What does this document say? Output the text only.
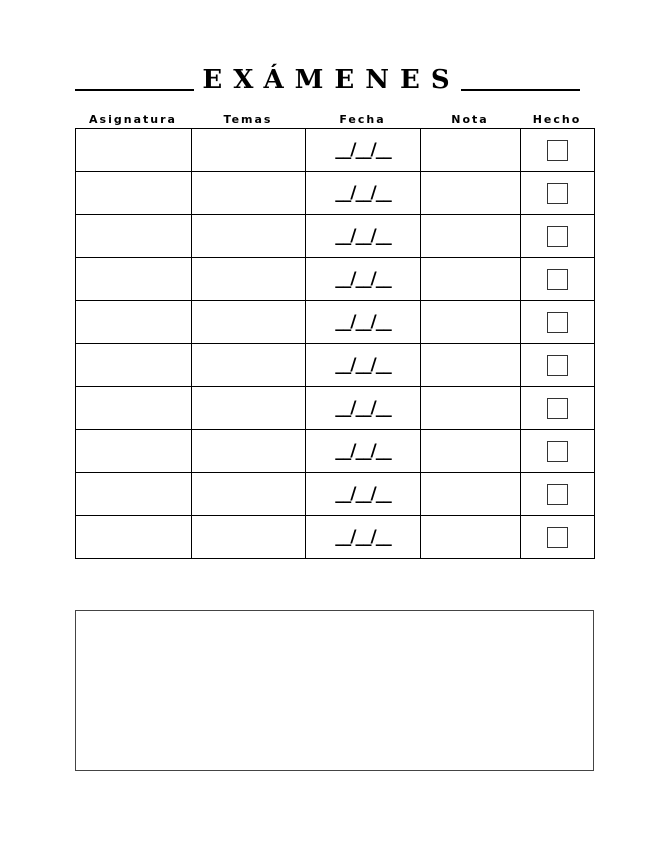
EXÁMENES
Asignatura	Temas	Fecha	Nota	Hecho
		__/__/__		
		__/__/__		
		__/__/__		
		__/__/__		
		__/__/__		
		__/__/__		
		__/__/__		
		__/__/__		
		__/__/__		
		__/__/__		
